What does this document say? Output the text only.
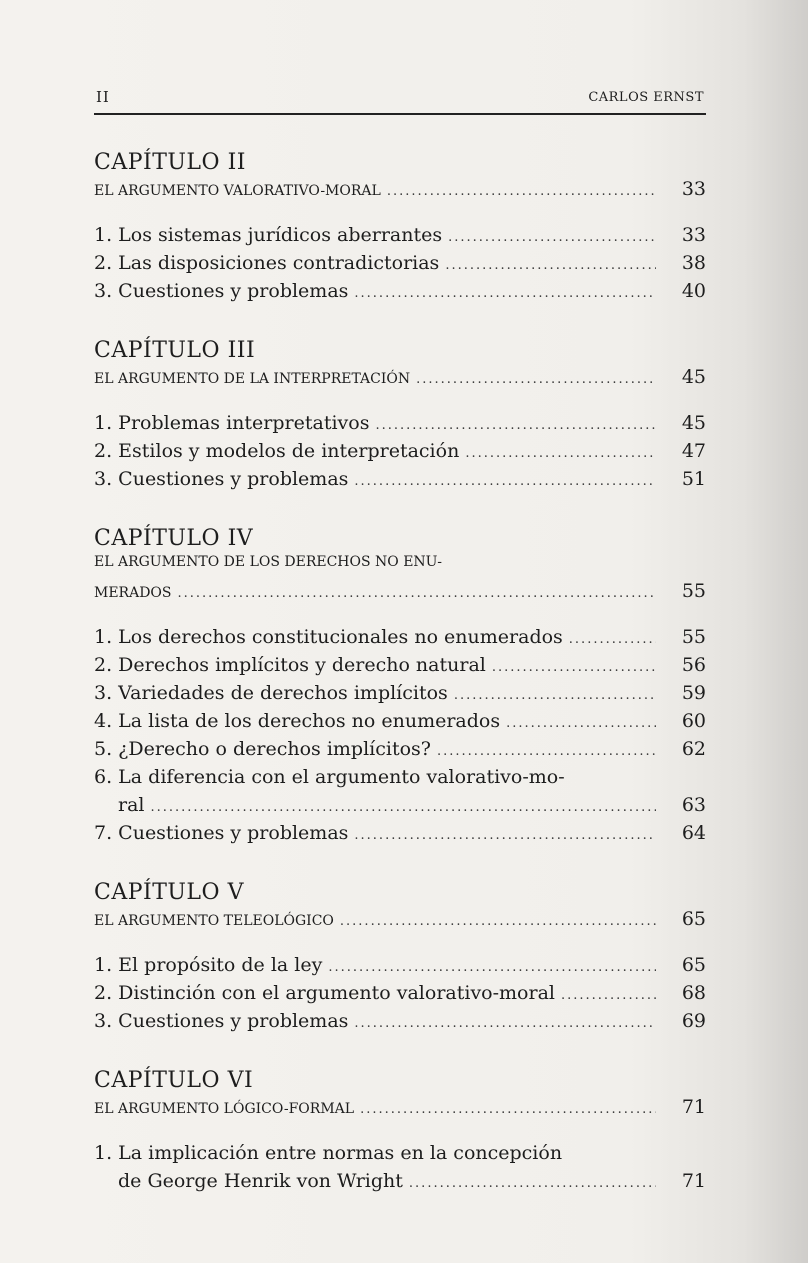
II	CARLOS ERNST
CAPÍTULO II
EL ARGUMENTO VALORATIVO-MORAL .....	33
1. Los sistemas jurídicos aberrantes .....	33
2. Las disposiciones contradictorias .....	38
3. Cuestiones y problemas .....	40
CAPÍTULO III
EL ARGUMENTO DE LA INTERPRETACIÓN .....	45
1. Problemas interpretativos .....	45
2. Estilos y modelos de interpretación .....	47
3. Cuestiones y problemas .....	51
CAPÍTULO IV
EL ARGUMENTO DE LOS DERECHOS NO ENU-
MERADOS .....	55
1. Los derechos constitucionales no enumerados .....	55
2. Derechos implícitos y derecho natural .....	56
3. Variedades de derechos implícitos .....	59
4. La lista de los derechos no enumerados .....	60
5. ¿Derecho o derechos implícitos? .....	62
6. La diferencia con el argumento valorativo-mo-
ral .....	63
7. Cuestiones y problemas .....	64
CAPÍTULO V
EL ARGUMENTO TELEOLÓGICO .....	65
1. El propósito de la ley .....	65
2. Distinción con el argumento valorativo-moral .....	68
3. Cuestiones y problemas .....	69
CAPÍTULO VI
EL ARGUMENTO LÓGICO-FORMAL .....	71
1. La implicación entre normas en la concepción
de George Henrik von Wright .....	71
